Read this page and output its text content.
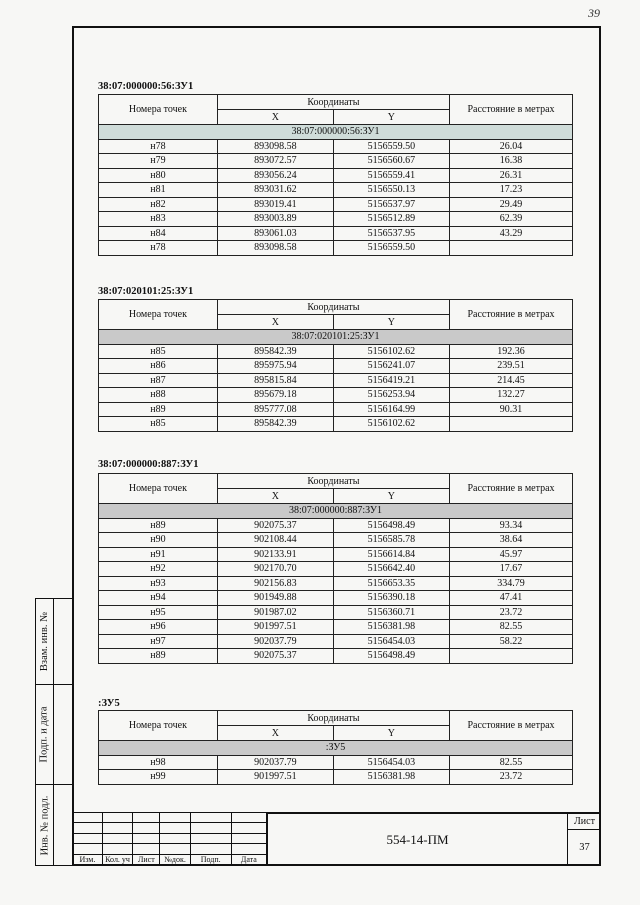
39
Взам. инв. №
Подп. и дата
Инв. № подл.
38:07:000000:56:ЗУ1
Номера точек	Координаты		Расстояние в метрах
	X	Y	
38:07:000000:56:ЗУ1			
н78	893098.58	5156559.50	26.04
н79	893072.57	5156560.67	16.38
н80	893056.24	5156559.41	26.31
н81	893031.62	5156550.13	17.23
н82	893019.41	5156537.97	29.49
н83	893003.89	5156512.89	62.39
н84	893061.03	5156537.95	43.29
н78	893098.58	5156559.50	
38:07:020101:25:ЗУ1
Номера точек	Координаты		Расстояние в метрах
	X	Y	
38:07:020101:25:ЗУ1			
н85	895842.39	5156102.62	192.36
н86	895975.94	5156241.07	239.51
н87	895815.84	5156419.21	214.45
н88	895679.18	5156253.94	132.27
н89	895777.08	5156164.99	90.31
н85	895842.39	5156102.62	
38:07:000000:887:ЗУ1
Номера точек	Координаты		Расстояние в метрах
	X	Y	
38:07:000000:887:ЗУ1			
н89	902075.37	5156498.49	93.34
н90	902108.44	5156585.78	38.64
н91	902133.91	5156614.84	45.97
н92	902170.70	5156642.40	17.67
н93	902156.83	5156653.35	334.79
н94	901949.88	5156390.18	47.41
н95	901987.02	5156360.71	23.72
н96	901997.51	5156381.98	82.55
н97	902037.79	5156454.03	58.22
н89	902075.37	5156498.49	
:ЗУ5
Номера точек	Координаты		Расстояние в метрах
	X	Y	
:ЗУ5			
н98	902037.79	5156454.03	82.55
н99	901997.51	5156381.98	23.72

Изм.	Кол. уч	Лист	№док.	Подп.	Дата
554-14-ПМ
Лист
37
